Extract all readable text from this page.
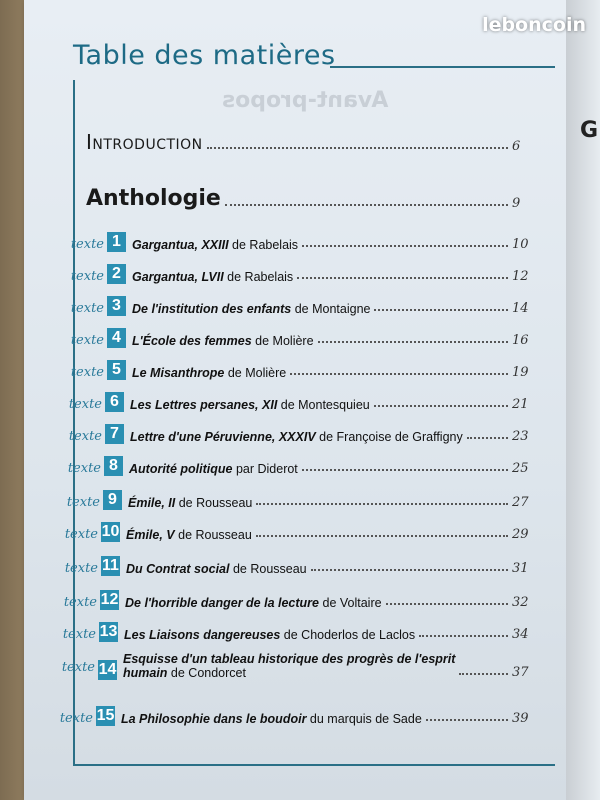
G
Avant-propos
Table des matières
leboncoin
Introduction	6
Anthologie	9
texte 1 Gargantua, XXIII de Rabelais	10
texte 2 Gargantua, LVII de Rabelais	12
texte 3 De l'institution des enfants de Montaigne	14
texte 4 L'École des femmes de Molière	16
texte 5 Le Misanthrope de Molière	19
texte 6 Les Lettres persanes, XII de Montesquieu	21
texte 7 Lettre d'une Péruvienne, XXXIV de Françoise de Graffigny	23
texte 8 Autorité politique par Diderot	25
texte 9 Émile, II de Rousseau	27
texte 10 Émile, V de Rousseau	29
texte 11 Du Contrat social de Rousseau	31
texte 12 De l'horrible danger de la lecture de Voltaire	32
texte 13 Les Liaisons dangereuses de Choderlos de Laclos	34
texte 14
Esquisse d'un tableau historique des progrès de l'esprit
humain de Condorcet	37
texte 15 La Philosophie dans le boudoir du marquis de Sade	39
